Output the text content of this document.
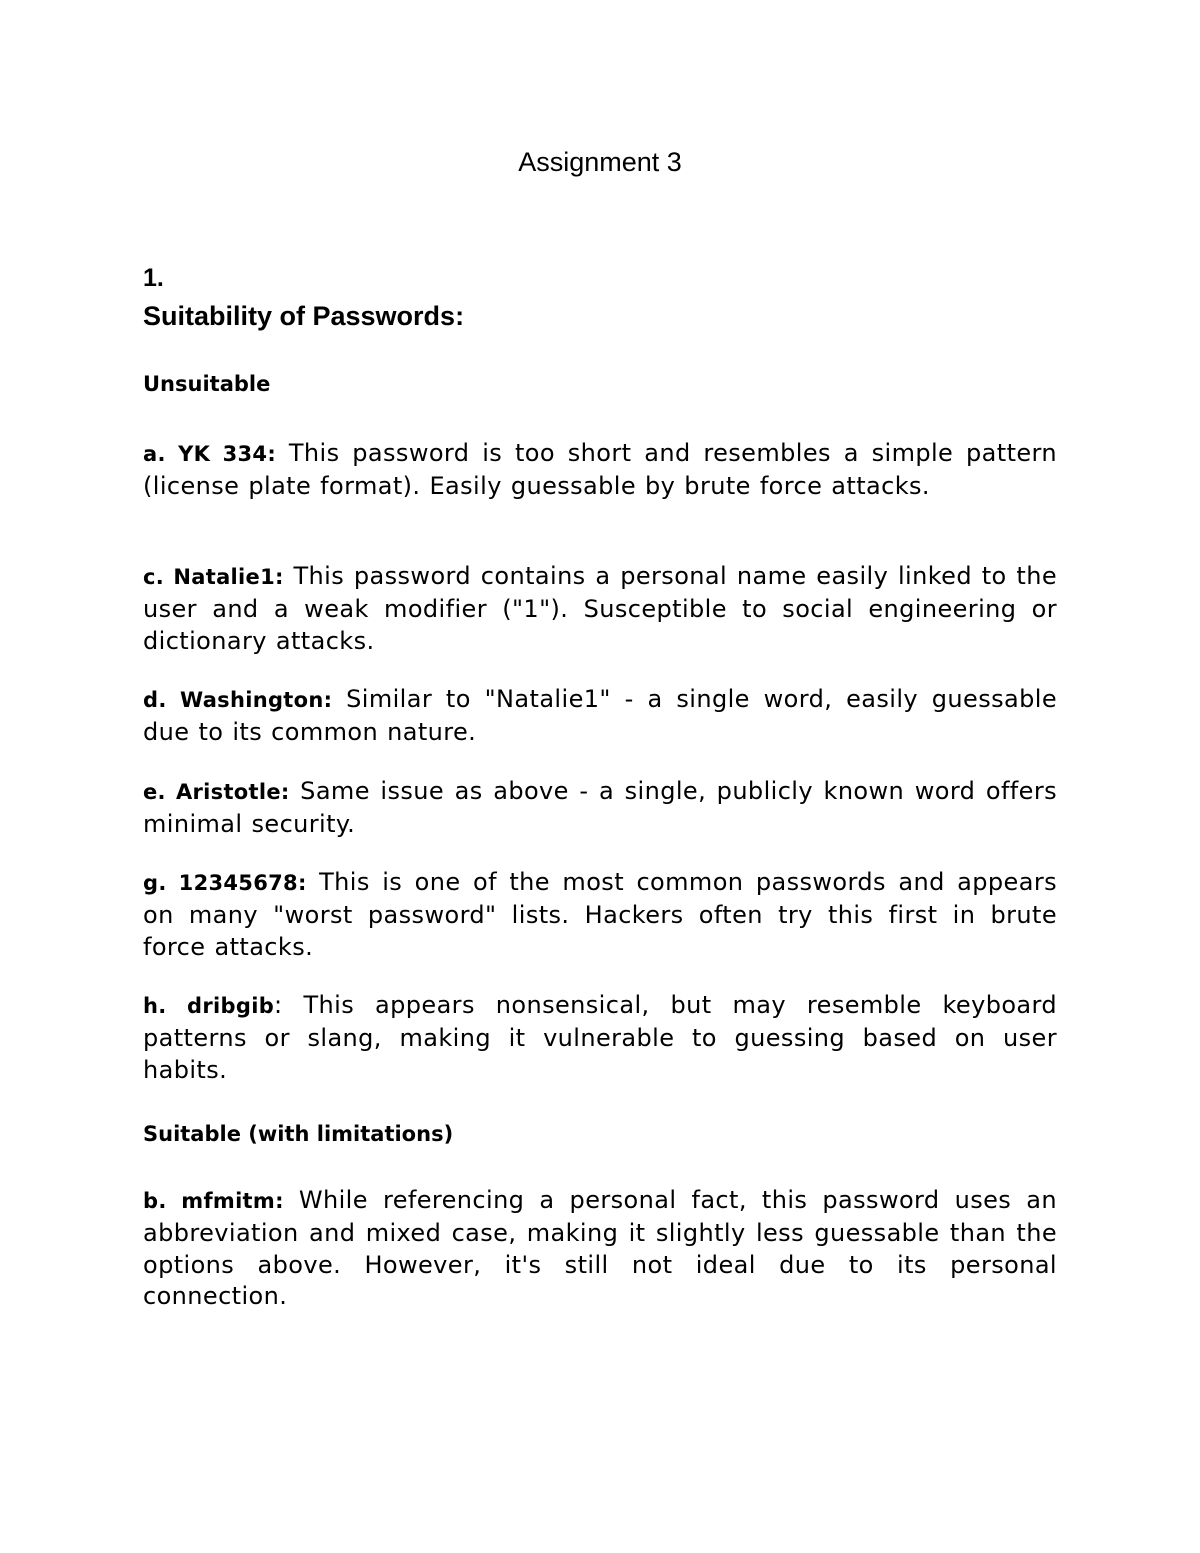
Assignment 3
1.
Suitability of Passwords:
Unsuitable
a. YK 334: This password is too short and resembles a simple pattern (license plate format). Easily guessable by brute force attacks.
c. Natalie1: This password contains a personal name easily linked to the user and a weak modifier ("1"). Susceptible to social engineering or dictionary attacks.
d. Washington: Similar to "Natalie1" - a single word, easily guessable due to its common nature.
e. Aristotle: Same issue as above - a single, publicly known word offers minimal security.
g. 12345678: This is one of the most common passwords and appears on many "worst password" lists. Hackers often try this first in brute force attacks.
h. dribgib: This appears nonsensical, but may resemble keyboard patterns or slang, making it vulnerable to guessing based on user habits.
Suitable (with limitations)
b. mfmitm: While referencing a personal fact, this password uses an abbreviation and mixed case, making it slightly less guessable than the options above. However, it's still not ideal due to its personal connection.
